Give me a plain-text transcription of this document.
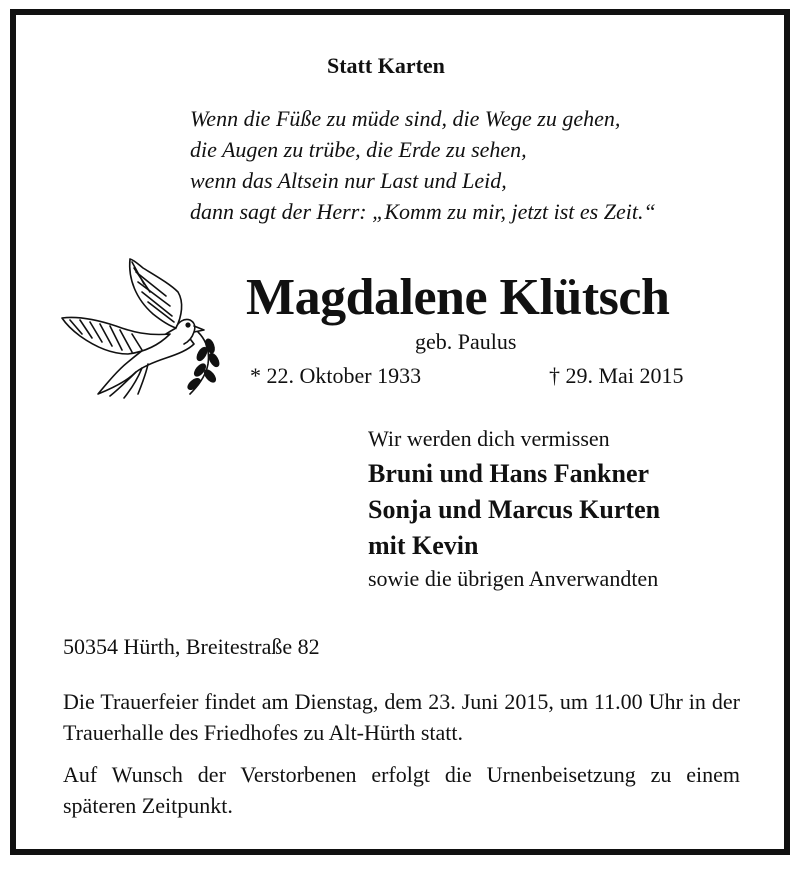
Statt Karten
Wenn die Füße zu müde sind, die Wege zu gehen,
die Augen zu trübe, die Erde zu sehen,
wenn das Altsein nur Last und Leid,
dann sagt der Herr: „Komm zu mir, jetzt ist es Zeit.“
Magdalene Klütsch
geb. Paulus
* 22. Oktober 1933	† 29. Mai 2015
Wir werden dich vermissen
Bruni und Hans Fankner
Sonja und Marcus Kurten
mit Kevin
sowie die übrigen Anverwandten
50354 Hürth, Breitestraße 82
Die Trauerfeier findet am Dienstag, dem 23. Juni 2015, um 11.00 Uhr in der Trauerhalle des Friedhofes zu Alt-Hürth statt.
Auf Wunsch der Verstorbenen erfolgt die Urnenbeisetzung zu einem späteren Zeitpunkt.
